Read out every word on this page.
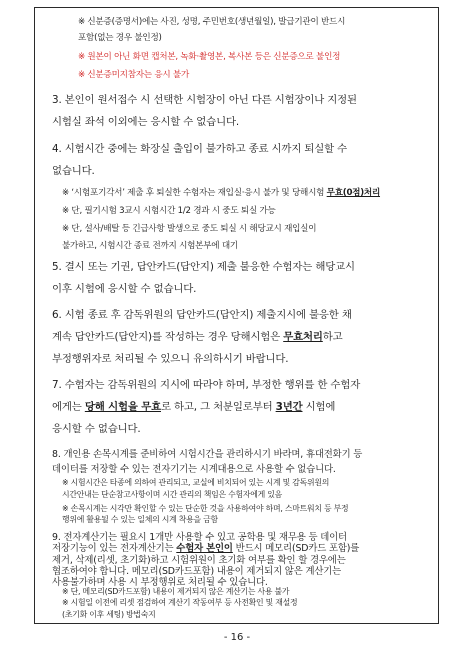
※ 신분증(증명서)에는 사진, 성명, 주민번호(생년월일), 발급기관이 반드시
포함(없는 경우 불인정)
※ 원본이 아닌 화면 캡처본, 녹화·촬영본, 복사본 등은 신분증으로 불인정
※ 신분증미지참자는 응시 불가
3. 본인이 원서접수 시 선택한 시험장이 아닌 다른 시험장이나 지정된
시험실 좌석 이외에는 응시할 수 없습니다.
4. 시험시간 중에는 화장실 출입이 불가하고 종료 시까지 퇴실할 수
없습니다.
※ ‘시험포기각서’ 제출 후 퇴실한 수험자는 재입실·응시 불가 및 당해시험 무효(0점)처리
※ 단, 필기시험 3교시 시험시간 1/2 경과 시 중도 퇴실 가능
※ 단, 설사/배탈 등 긴급사항 발생으로 중도 퇴실 시 해당교시 재입실이
불가하고, 시험시간 종료 전까지 시험본부에 대기
5. 결시 또는 기권, 답안카드(답안지) 제출 불응한 수험자는 해당교시
이후 시험에 응시할 수 없습니다.
6. 시험 종료 후 감독위원의 답안카드(답안지) 제출지시에 불응한 채
계속 답안카드(답안지)를 작성하는 경우 당해시험은 무효처리하고
부정행위자로 처리될 수 있으니 유의하시기 바랍니다.
7. 수험자는 감독위원의 지시에 따라야 하며, 부정한 행위를 한 수험자
에게는 당해 시험을 무효로 하고, 그 처분일로부터 3년간 시험에
응시할 수 없습니다.
8. 개인용 손목시계를 준비하여 시험시간을 관리하시기 바라며, 휴대전화기 등
데이터를 저장할 수 있는 전자기기는 시계대용으로 사용할 수 없습니다.
※ 시험시간은 타종에 의하여 관리되고, 교실에 비치되어 있는 시계 및 감독위원의
시간안내는 단순참고사항이며 시간 관리의 책임은 수험자에게 있음
※ 손목시계는 시각만 확인할 수 있는 단순한 것을 사용하여야 하며, 스마트워치 등 부정
행위에 활용될 수 있는 일체의 시계 착용을 금함
9. 전자계산기는 필요시 1개만 사용할 수 있고 공학용 및 재무용 등 데이터
저장기능이 있는 전자계산기는 수험자 본인이 반드시 메모리(SD카드 포함)를
제거, 삭제(리셋, 초기화)하고 시험위원이 초기화 여부를 확인 할 경우에는
협조하여야 합니다. 메모리(SD카드포함) 내용이 제거되지 않은 계산기는
사용불가하며 사용 시 부정행위로 처리될 수 있습니다.
※ 단, 메모리(SD카드포함) 내용이 제거되지 않은 계산기는 사용 불가
※ 시험일 이전에 리셋 점검하여 계산기 작동여부 등 사전확인 및 재설정
(초기화 이후 세팅) 방법숙지
- 16 -
